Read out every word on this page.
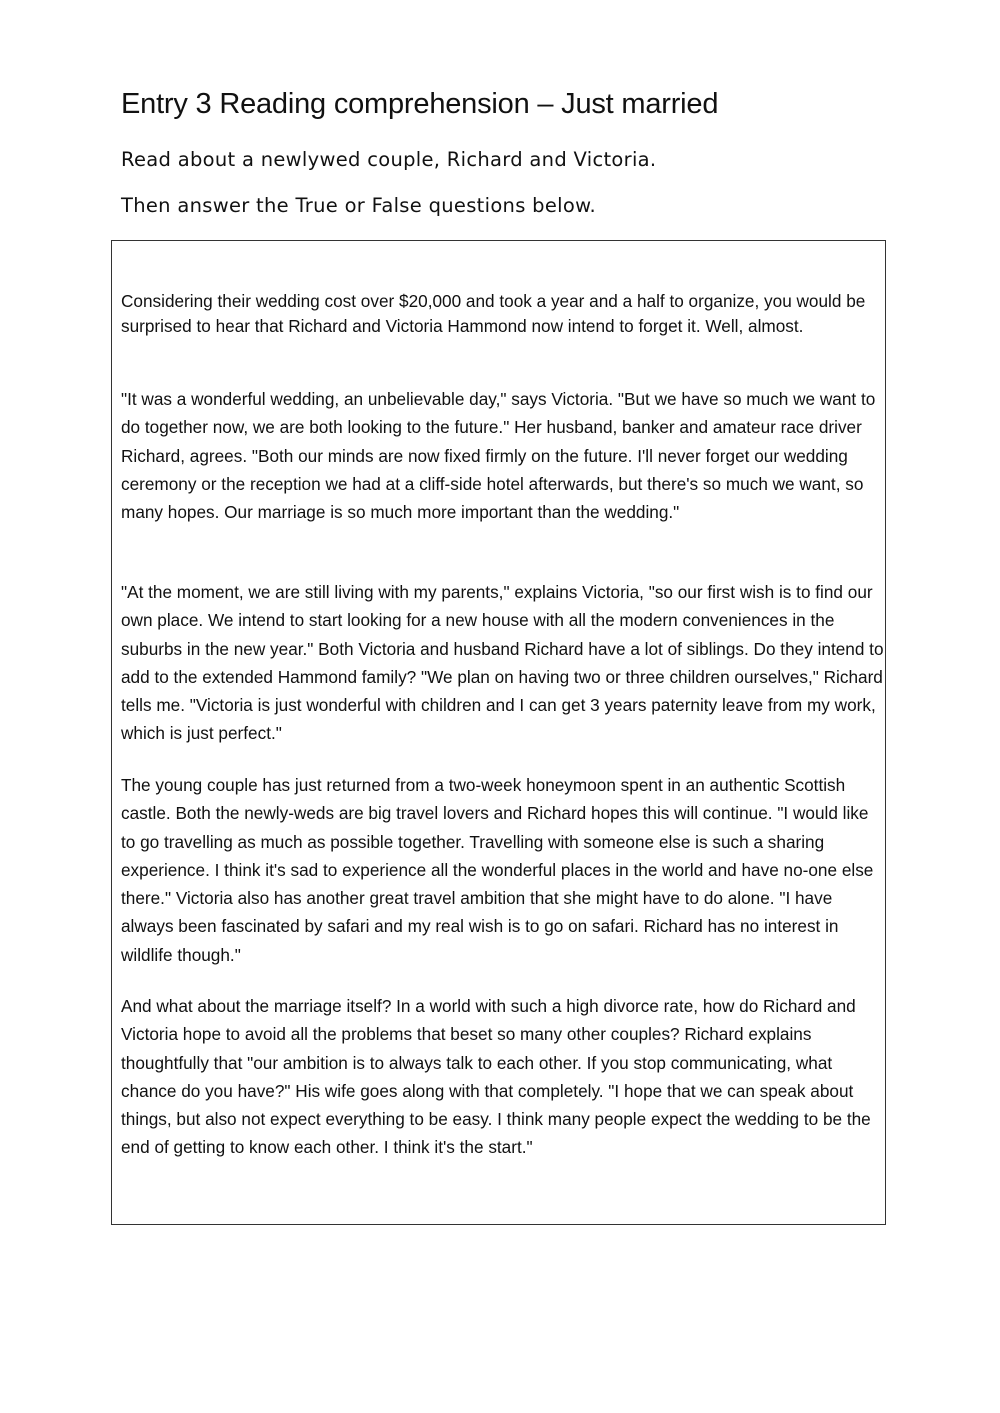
Entry 3 Reading comprehension – Just married

Read about a newlywed couple, Richard and Victoria.

Then answer the True or False questions below.

Considering their wedding cost over $20,000 and took a year and a half to organize, you would be surprised to hear that Richard and Victoria Hammond now intend to forget it. Well, almost.

"It was a wonderful wedding, an unbelievable day," says Victoria. "But we have so much we want to do together now, we are both looking to the future." Her husband, banker and amateur race driver Richard, agrees. "Both our minds are now fixed firmly on the future. I'll never forget our wedding ceremony or the reception we had at a cliff-side hotel afterwards, but there's so much we want, so many hopes. Our marriage is so much more important than the wedding."

"At the moment, we are still living with my parents," explains Victoria, "so our first wish is to find our own place. We intend to start looking for a new house with all the modern conveniences in the suburbs in the new year." Both Victoria and husband Richard have a lot of siblings. Do they intend to add to the extended Hammond family? "We plan on having two or three children ourselves," Richard tells me. "Victoria is just wonderful with children and I can get 3 years paternity leave from my work, which is just perfect."

The young couple has just returned from a two-week honeymoon spent in an authentic Scottish castle. Both the newly-weds are big travel lovers and Richard hopes this will continue. "I would like to go travelling as much as possible together. Travelling with someone else is such a sharing experience. I think it's sad to experience all the wonderful places in the world and have no-one else there." Victoria also has another great travel ambition that she might have to do alone. "I have always been fascinated by safari and my real wish is to go on safari. Richard has no interest in wildlife though."

And what about the marriage itself? In a world with such a high divorce rate, how do Richard and Victoria hope to avoid all the problems that beset so many other couples? Richard explains thoughtfully that "our ambition is to always talk to each other. If you stop communicating, what chance do you have?" His wife goes along with that completely. "I hope that we can speak about things, but also not expect everything to be easy. I think many people expect the wedding to be the end of getting to know each other. I think it's the start."
